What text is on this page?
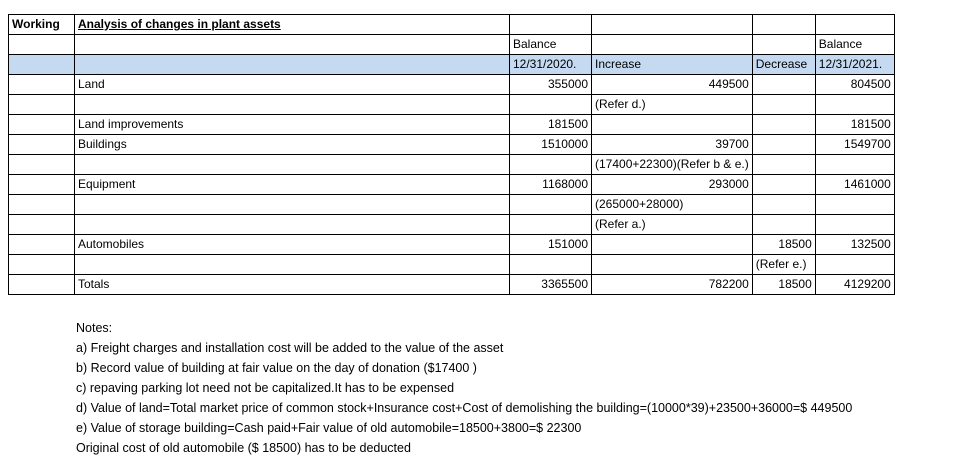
Working	Analysis of changes in plant assets				
		Balance			Balance
		12/31/2020.	Increase	Decrease	12/31/2021.
	Land	355000	449500		804500
			(Refer d.)		
	Land improvements	181500			181500
	Buildings	1510000	39700		1549700
			(17400+22300)(Refer b & e.)		
	Equipment	1168000	293000		1461000
			(265000+28000)		
			(Refer a.)		
	Automobiles	151000		18500	132500
				(Refer e.)	
	Totals	3365500	782200	18500	4129200
Notes:
a) Freight charges and installation cost will be added to the value of the asset
b) Record value of building at fair value on the day of donation ($17400 )
c) repaving parking lot need not be capitalized.It has to be expensed
d) Value of land=Total market price of common stock+Insurance cost+Cost of demolishing the building=(10000*39)+23500+36000=$ 449500
e) Value of storage building=Cash paid+Fair value of old automobile=18500+3800=$ 22300
Original cost of old automobile ($ 18500) has to be deducted
